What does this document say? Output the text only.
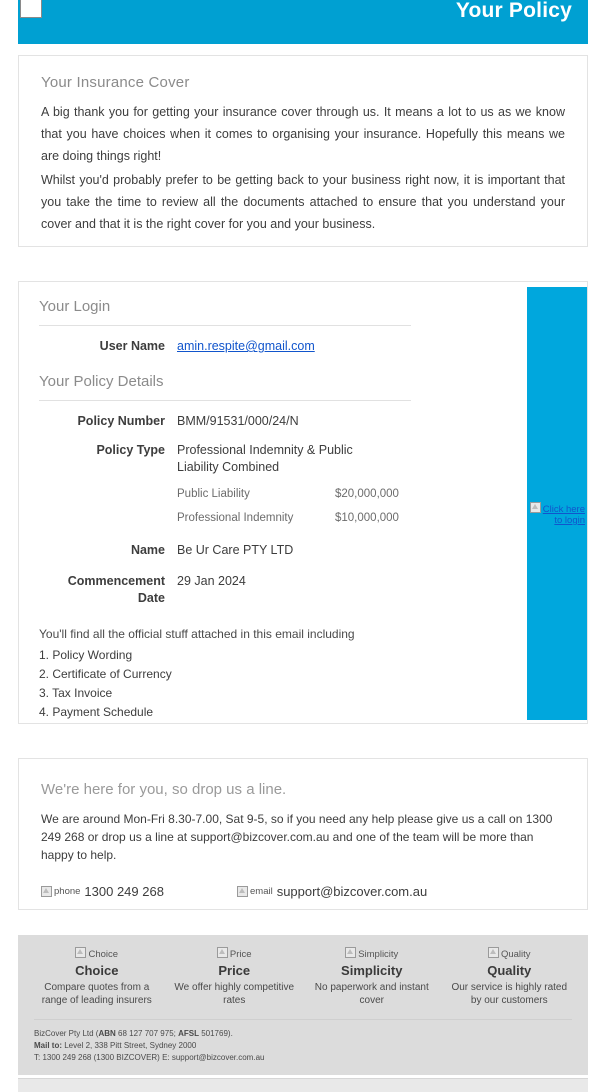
Your Policy
Your Insurance Cover

A big thank you for getting your insurance cover through us. It means a lot to us as we know that you have choices when it comes to organising your insurance. Hopefully this means we are doing things right!

Whilst you'd probably prefer to be getting back to your business right now, it is important that you take the time to review all the documents attached to ensure that you understand your cover and that it is the right cover for you and your business.

Click here to login
Your Login
User Name amin.respite@gmail.com
Your Policy Details
Policy Number BMM/91531/000/24/N
Policy Type Professional Indemnity & Public Liability Combined
Public Liability	$20,000,000
Professional Indemnity	$10,000,000
Name Be Ur Care PTY LTD
Commencement Date
29 Jan 2024
You'll find all the official stuff attached in this email including
1. Policy Wording
2. Certificate of Currency
3. Tax Invoice
4. Payment Schedule
We're here for you, so drop us a line.

We are around Mon-Fri 8.30-7.00, Sat 9-5, so if you need any help please give us a call on 1300 249 268 or drop us a line at support@bizcover.com.au and one of the team will be more than happy to help.

phone 1300 249 268	email support@bizcover.com.au
Choice
Choice
Compare quotes from a range of leading insurers
Price
Price
We offer highly competitive rates
Simplicity
Simplicity
No paperwork and instant cover
Quality
Quality
Our service is highly rated by our customers
BizCover Pty Ltd (ABN 68 127 707 975; AFSL 501769).
Mail to: Level 2, 338 Pitt Street, Sydney 2000
T: 1300 249 268 (1300 BIZCOVER) E: support@bizcover.com.au
